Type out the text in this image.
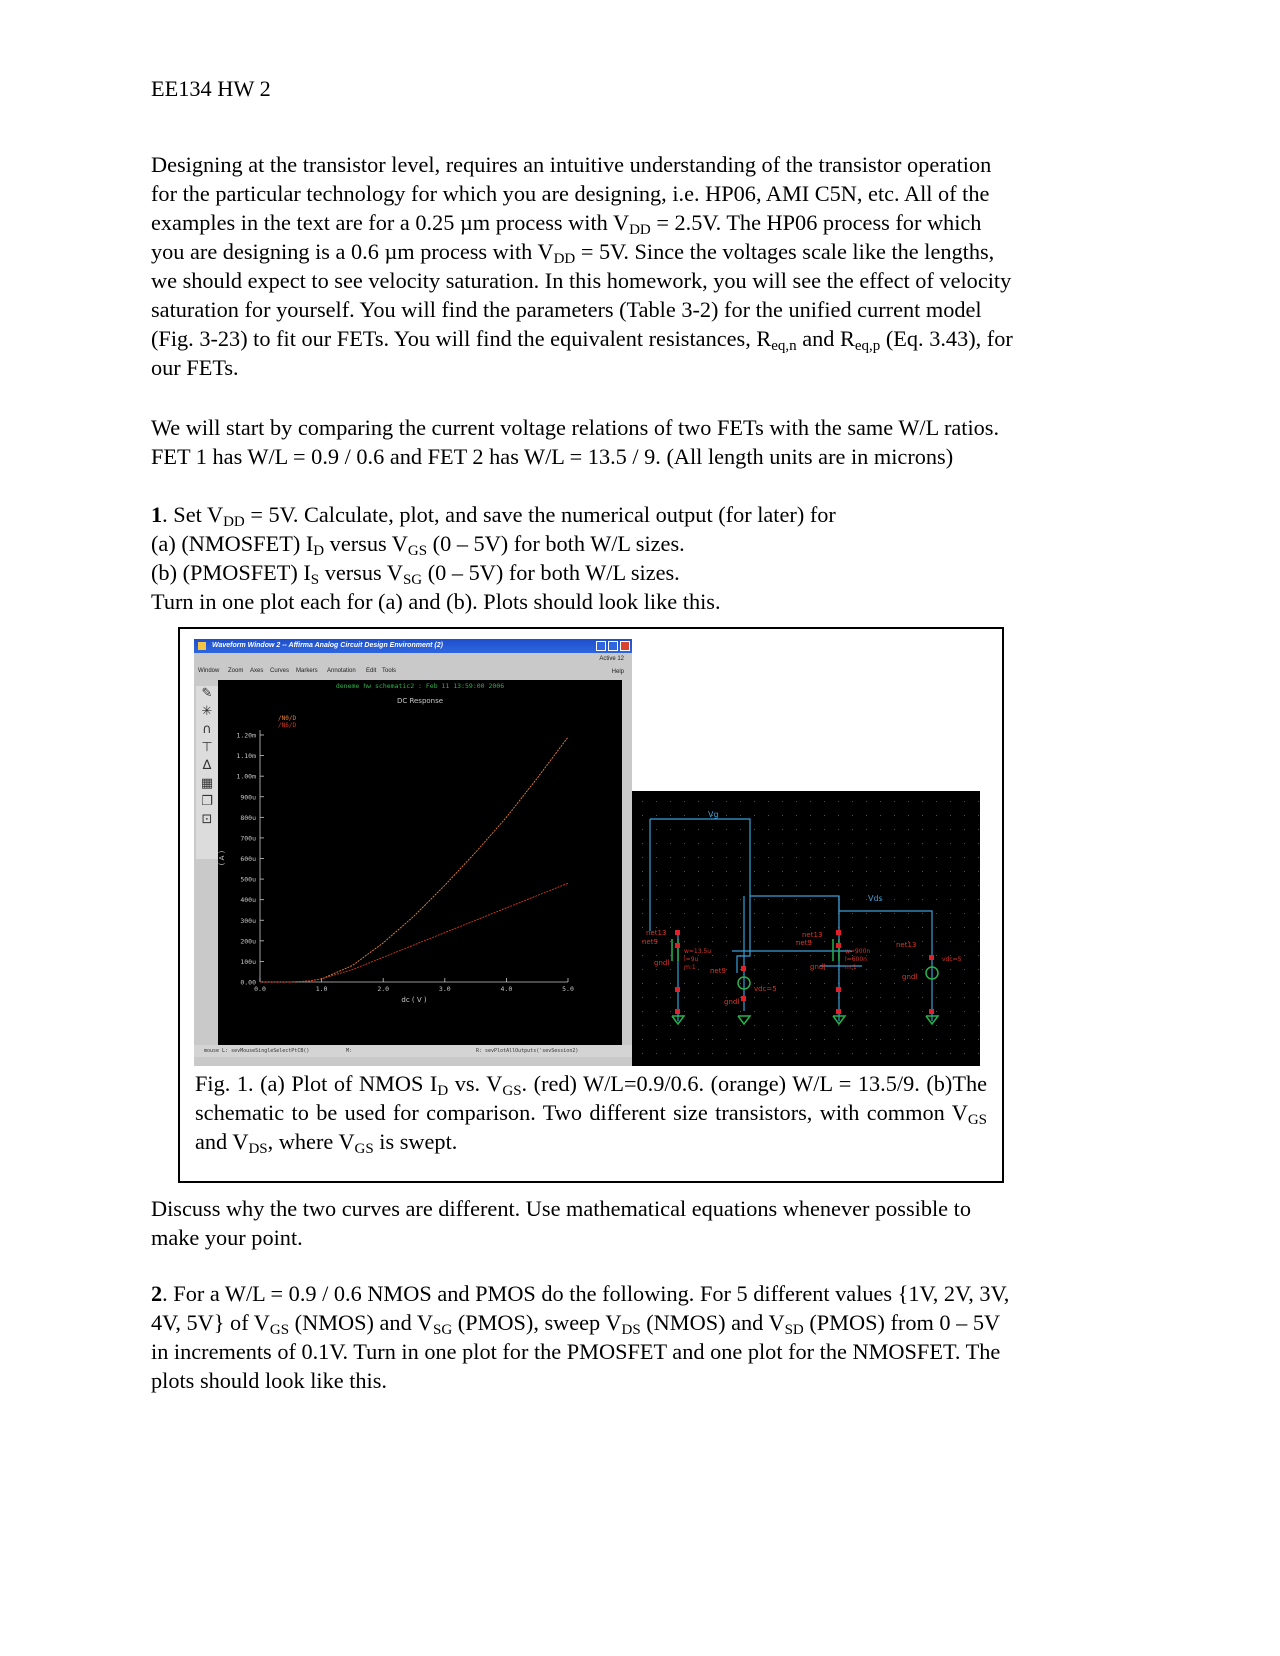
EE134 HW 2
Designing at the transistor level, requires an intuitive understanding of the transistor operation
for the particular technology for which you are designing, i.e. HP06, AMI C5N, etc. All of the
examples in the text are for a 0.25 µm process with $V_{DD} = 2.5V$. The HP06 process for which
you are designing is a 0.6 µm process with $V_{DD} = 5V$. Since the voltages scale like the lengths,
we should expect to see velocity saturation. In this homework, you will see the effect of velocity
saturation for yourself. You will find the parameters (Table 3-2) for the unified current model
(Fig. 3-23) to fit our FETs. You will find the equivalent resistances, $R_{eq,n}$ and $R_{eq,p}$ (Eq. 3.43), for
our FETs.
We will start by comparing the current voltage relations of two FETs with the same W/L ratios.
FET 1 has W/L = 0.9 / 0.6 and FET 2 has W/L = 13.5 / 9. (All length units are in microns)
1. Set $V_{DD} = 5V$. Calculate, plot, and save the numerical output (for later) for
(a) (NMOSFET) $I_D$ versus $V_{GS}$ (0 – 5V) for both W/L sizes.
(b) (PMOSFET) $I_S$ versus $V_{SG}$ (0 – 5V) for both W/L sizes.
Turn in one plot each for (a) and (b). Plots should look like this.
Waveform Window 2 -- Affirma Analog Circuit Design Environment (2)
Active 12
Help
Window Zoom Axes Curves Markers Annotation Edit Tools
✎
✳
∩
⊤
∆
▦
❐
⊡
deneme hw schematic2 : Feb 11 13:59:00 2006
DC Response
0.00
100u
200u
300u
400u
500u
600u
700u
800u
900u
1.00m
1.10m
1.20m
0.0	1.0	2.0	3.0	4.0	5.0
dc ( V )
( A )
/N0/D
/N6/D
mouse L: sevMouseSingleSelectPtCB()	M:	R: sevPlotAllOutputs('sevSession2)
Vg
Vds
net13
net9
w=13.5u
l=9u
m:1
gndl
net9
vdc=5
gndl
net13
net9
w=900n
l=600n
m:1
gndl
net13
vdc=5
gndl
Fig. 1. (a) Plot of NMOS $I_D$ vs. $V_{GS}$. (red) W/L=0.9/0.6. (orange) W/L = 13.5/9. (b)The schematic to be used for comparison. Two different size transistors, with common $V_{GS}$ and $V_{DS}$, where $V_{GS}$ is swept.
Discuss why the two curves are different. Use mathematical equations whenever possible to
make your point.
2. For a W/L = 0.9 / 0.6 NMOS and PMOS do the following. For 5 different values {1V, 2V, 3V,
4V, 5V} of $V_{GS}$ (NMOS) and $V_{SG}$ (PMOS), sweep $V_{DS}$ (NMOS) and $V_{SD}$ (PMOS) from 0 – 5V
in increments of 0.1V. Turn in one plot for the PMOSFET and one plot for the NMOSFET. The
plots should look like this.
